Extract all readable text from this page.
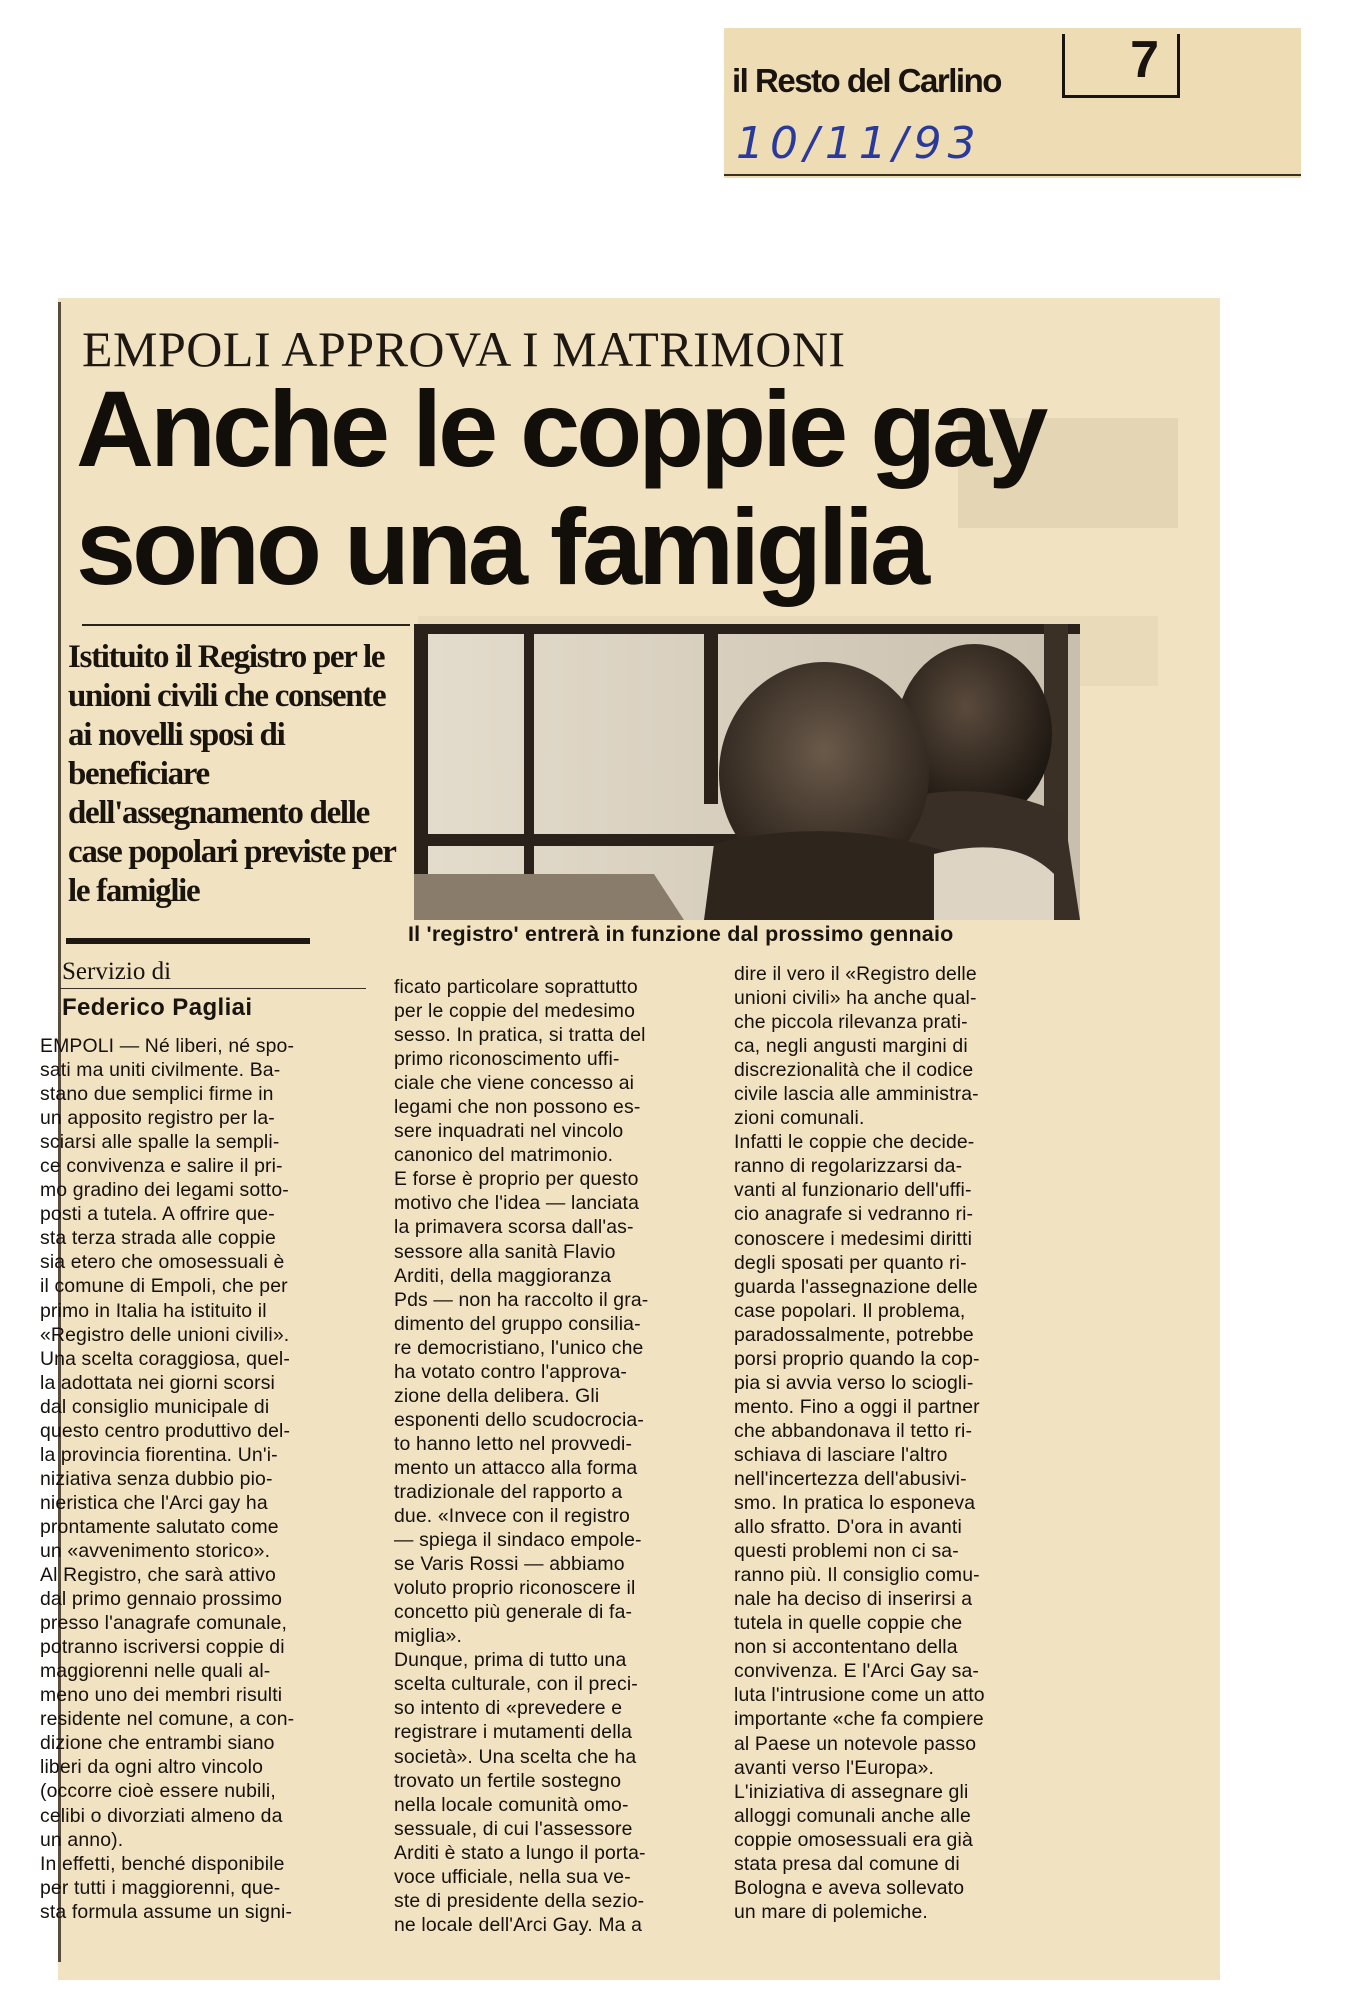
il Resto del Carlino 7
10/11/93
EMPOLI APPROVA I MATRIMONI
Anche le coppie gay
sono una famiglia
Istituito il Registro per le unioni civili che consente ai novelli sposi di beneficiare dell'assegnamento delle case popolari previste per le famiglie
Il 'registro' entrerà in funzione dal prossimo gennaio
Servizio di
Federico Pagliai
EMPOLI — Né liberi, né spo-
sati ma uniti civilmente. Ba-
stano due semplici firme in
un apposito registro per la-
sciarsi alle spalle la sempli-
ce convivenza e salire il pri-
mo gradino dei legami sotto-
posti a tutela. A offrire que-
sta terza strada alle coppie
sia etero che omosessuali è
il comune di Empoli, che per
primo in Italia ha istituito il
«Registro delle unioni civili».
Una scelta coraggiosa, quel-
la adottata nei giorni scorsi
dal consiglio municipale di
questo centro produttivo del-
la provincia fiorentina. Un'i-
niziativa senza dubbio pio-
nieristica che l'Arci gay ha
prontamente salutato come
un «avvenimento storico».
Al Registro, che sarà attivo
dal primo gennaio prossimo
presso l'anagrafe comunale,
potranno iscriversi coppie di
maggiorenni nelle quali al-
meno uno dei membri risulti
residente nel comune, a con-
dizione che entrambi siano
liberi da ogni altro vincolo
(occorre cioè essere nubili,
celibi o divorziati almeno da
un anno).
In effetti, benché disponibile
per tutti i maggiorenni, que-
sta formula assume un signi-
ficato particolare soprattutto
per le coppie del medesimo
sesso. In pratica, si tratta del
primo riconoscimento uffi-
ciale che viene concesso ai
legami che non possono es-
sere inquadrati nel vincolo
canonico del matrimonio.
E forse è proprio per questo
motivo che l'idea — lanciata
la primavera scorsa dall'as-
sessore alla sanità Flavio
Arditi, della maggioranza
Pds — non ha raccolto il gra-
dimento del gruppo consilia-
re democristiano, l'unico che
ha votato contro l'approva-
zione della delibera. Gli
esponenti dello scudocrocia-
to hanno letto nel provvedi-
mento un attacco alla forma
tradizionale del rapporto a
due. «Invece con il registro
— spiega il sindaco empole-
se Varis Rossi — abbiamo
voluto proprio riconoscere il
concetto più generale di fa-
miglia».
Dunque, prima di tutto una
scelta culturale, con il preci-
so intento di «prevedere e
registrare i mutamenti della
società». Una scelta che ha
trovato un fertile sostegno
nella locale comunità omo-
sessuale, di cui l'assessore
Arditi è stato a lungo il porta-
voce ufficiale, nella sua ve-
ste di presidente della sezio-
ne locale dell'Arci Gay. Ma a
dire il vero il «Registro delle
unioni civili» ha anche qual-
che piccola rilevanza prati-
ca, negli angusti margini di
discrezionalità che il codice
civile lascia alle amministra-
zioni comunali.
Infatti le coppie che decide-
ranno di regolarizzarsi da-
vanti al funzionario dell'uffi-
cio anagrafe si vedranno ri-
conoscere i medesimi diritti
degli sposati per quanto ri-
guarda l'assegnazione delle
case popolari. Il problema,
paradossalmente, potrebbe
porsi proprio quando la cop-
pia si avvia verso lo sciogli-
mento. Fino a oggi il partner
che abbandonava il tetto ri-
schiava di lasciare l'altro
nell'incertezza dell'abusivi-
smo. In pratica lo esponeva
allo sfratto. D'ora in avanti
questi problemi non ci sa-
ranno più. Il consiglio comu-
nale ha deciso di inserirsi a
tutela in quelle coppie che
non si accontentano della
convivenza. E l'Arci Gay sa-
luta l'intrusione come un atto
importante «che fa compiere
al Paese un notevole passo
avanti verso l'Europa».
L'iniziativa di assegnare gli
alloggi comunali anche alle
coppie omosessuali era già
stata presa dal comune di
Bologna e aveva sollevato
un mare di polemiche.
